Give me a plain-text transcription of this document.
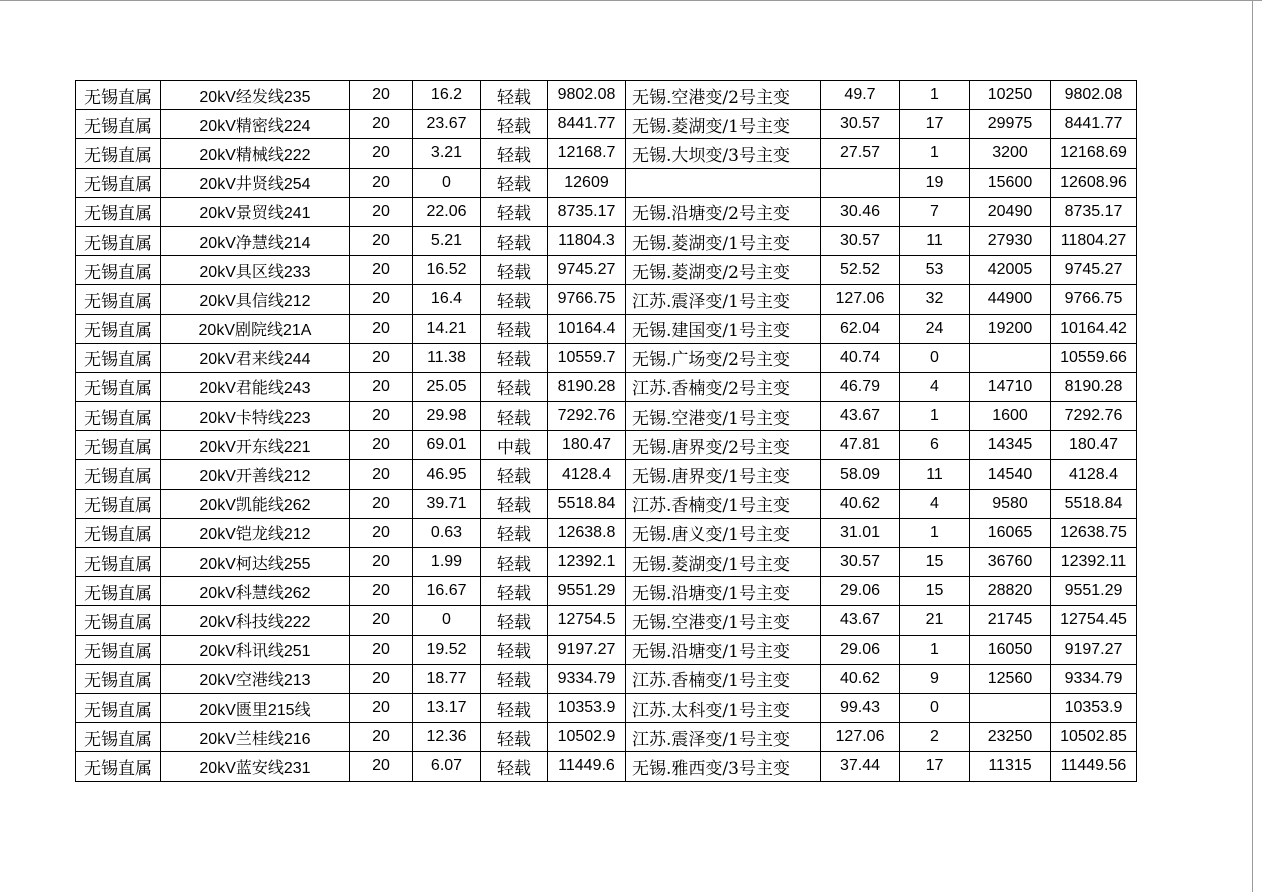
无锡直属	20kV经发线235	20	16.2	轻载	9802.08	无锡.空港变/2号主变	49.7	1	10250	9802.08
无锡直属	20kV精密线224	20	23.67	轻载	8441.77	无锡.菱湖变/1号主变	30.57	17	29975	8441.77
无锡直属	20kV精械线222	20	3.21	轻载	12168.7	无锡.大坝变/3号主变	27.57	1	3200	12168.69
无锡直属	20kV井贤线254	20	0	轻载	12609			19	15600	12608.96
无锡直属	20kV景贸线241	20	22.06	轻载	8735.17	无锡.沿塘变/2号主变	30.46	7	20490	8735.17
无锡直属	20kV净慧线214	20	5.21	轻载	11804.3	无锡.菱湖变/1号主变	30.57	11	27930	11804.27
无锡直属	20kV具区线233	20	16.52	轻载	9745.27	无锡.菱湖变/2号主变	52.52	53	42005	9745.27
无锡直属	20kV具信线212	20	16.4	轻载	9766.75	江苏.震泽变/1号主变	127.06	32	44900	9766.75
无锡直属	20kV剧院线21A	20	14.21	轻载	10164.4	无锡.建国变/1号主变	62.04	24	19200	10164.42
无锡直属	20kV君来线244	20	11.38	轻载	10559.7	无锡.广场变/2号主变	40.74	0		10559.66
无锡直属	20kV君能线243	20	25.05	轻载	8190.28	江苏.香楠变/2号主变	46.79	4	14710	8190.28
无锡直属	20kV卡特线223	20	29.98	轻载	7292.76	无锡.空港变/1号主变	43.67	1	1600	7292.76
无锡直属	20kV开东线221	20	69.01	中载	180.47	无锡.唐界变/2号主变	47.81	6	14345	180.47
无锡直属	20kV开善线212	20	46.95	轻载	4128.4	无锡.唐界变/1号主变	58.09	11	14540	4128.4
无锡直属	20kV凯能线262	20	39.71	轻载	5518.84	江苏.香楠变/1号主变	40.62	4	9580	5518.84
无锡直属	20kV铠龙线212	20	0.63	轻载	12638.8	无锡.唐义变/1号主变	31.01	1	16065	12638.75
无锡直属	20kV柯达线255	20	1.99	轻载	12392.1	无锡.菱湖变/1号主变	30.57	15	36760	12392.11
无锡直属	20kV科慧线262	20	16.67	轻载	9551.29	无锡.沿塘变/1号主变	29.06	15	28820	9551.29
无锡直属	20kV科技线222	20	0	轻载	12754.5	无锡.空港变/1号主变	43.67	21	21745	12754.45
无锡直属	20kV科讯线251	20	19.52	轻载	9197.27	无锡.沿塘变/1号主变	29.06	1	16050	9197.27
无锡直属	20kV空港线213	20	18.77	轻载	9334.79	江苏.香楠变/1号主变	40.62	9	12560	9334.79
无锡直属	20kV匮里215线	20	13.17	轻载	10353.9	江苏.太科变/1号主变	99.43	0		10353.9
无锡直属	20kV兰桂线216	20	12.36	轻载	10502.9	江苏.震泽变/1号主变	127.06	2	23250	10502.85
无锡直属	20kV蓝安线231	20	6.07	轻载	11449.6	无锡.雅西变/3号主变	37.44	17	11315	11449.56
